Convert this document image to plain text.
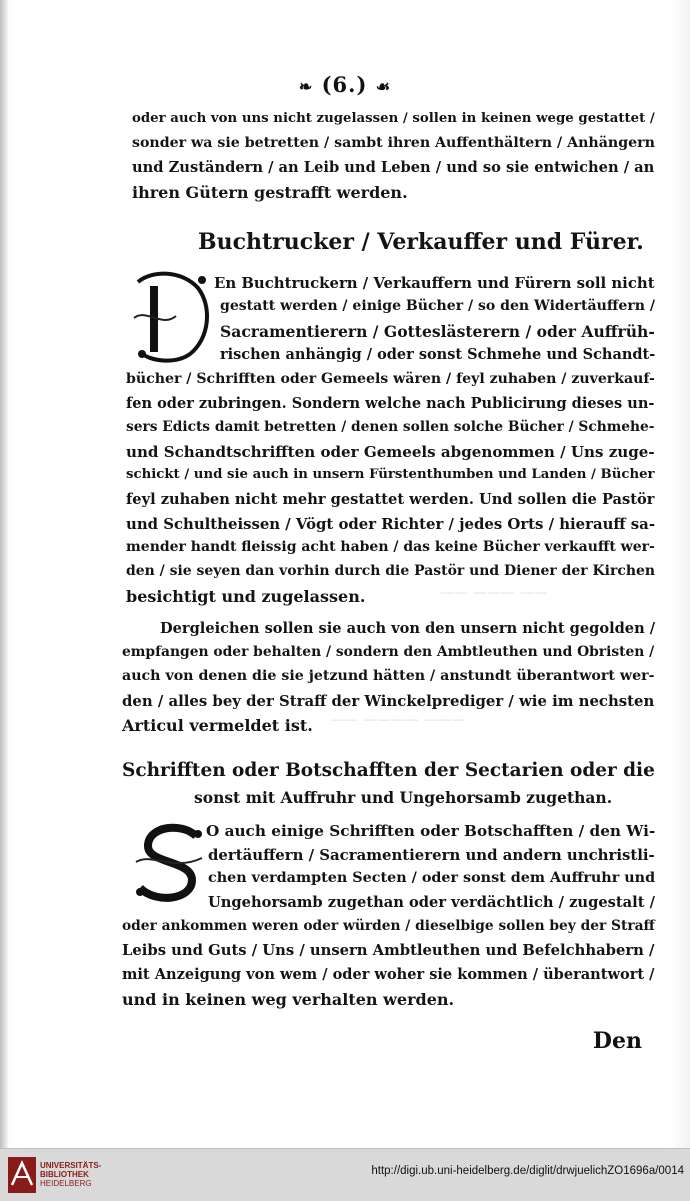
—— ——— ——
——— ———— ——
❧ (6.) ☙
oder auch von uns nicht zugelassen / sollen in keinen wege gestattet /
sonder wa sie betretten / sambt ihren Auffenthältern / Anhängern
und Zuständern / an Leib und Leben / und so sie entwichen / an
ihren Gütern gestrafft werden.
Buchtrucker / Verkauffer und Fürer.
En Buchtruckern / Verkauffern und Fürern soll nicht
gestatt werden / einige Bücher / so den Widertäuffern /
Sacramentierern / Gotteslästerern / oder Auffrüh-
rischen anhängig / oder sonst Schmehe und Schandt-
bücher / Schrifften oder Gemeels wären / feyl zuhaben / zuverkauf-
fen oder zubringen. Sondern welche nach Publicirung dieses un-
sers Edicts damit betretten / denen sollen solche Bücher / Schmehe-
und Schandtschrifften oder Gemeels abgenommen / Uns zuge-
schickt / und sie auch in unsern Fürstenthumben und Landen / Bücher
feyl zuhaben nicht mehr gestattet werden. Und sollen die Pastör
und Schultheissen / Vögt oder Richter / jedes Orts / hierauff sa-
mender handt fleissig acht haben / das keine Bücher verkaufft wer-
den / sie seyen dan vorhin durch die Pastör und Diener der Kirchen
besichtigt und zugelassen.
Dergleichen sollen sie auch von den unsern nicht gegolden /
empfangen oder behalten / sondern den Ambtleuthen und Obristen /
auch von denen die sie jetzund hätten / anstundt überantwort wer-
den / alles bey der Straff der Winckelprediger / wie im nechsten
Articul vermeldet ist.
Schrifften oder Botschafften der Sectarien oder die
sonst mit Auffruhr und Ungehorsamb zugethan.
O auch einige Schrifften oder Botschafften / den Wi-
dertäuffern / Sacramentierern und andern unchristli-
chen verdampten Secten / oder sonst dem Auffruhr und
Ungehorsamb zugethan oder verdächtlich / zugestalt /
oder ankommen weren oder würden / dieselbige sollen bey der Straff
Leibs und Guts / Uns / unsern Ambtleuthen und Befelchhabern /
mit Anzeigung von wem / oder woher sie kommen / überantwort /
und in keinen weg verhalten werden.
Den
UNIVERSITÄTS-
BIBLIOTHEK
HEIDELBERG
http://digi.ub.uni-heidelberg.de/diglit/drwjuelichZO1696a/0014
